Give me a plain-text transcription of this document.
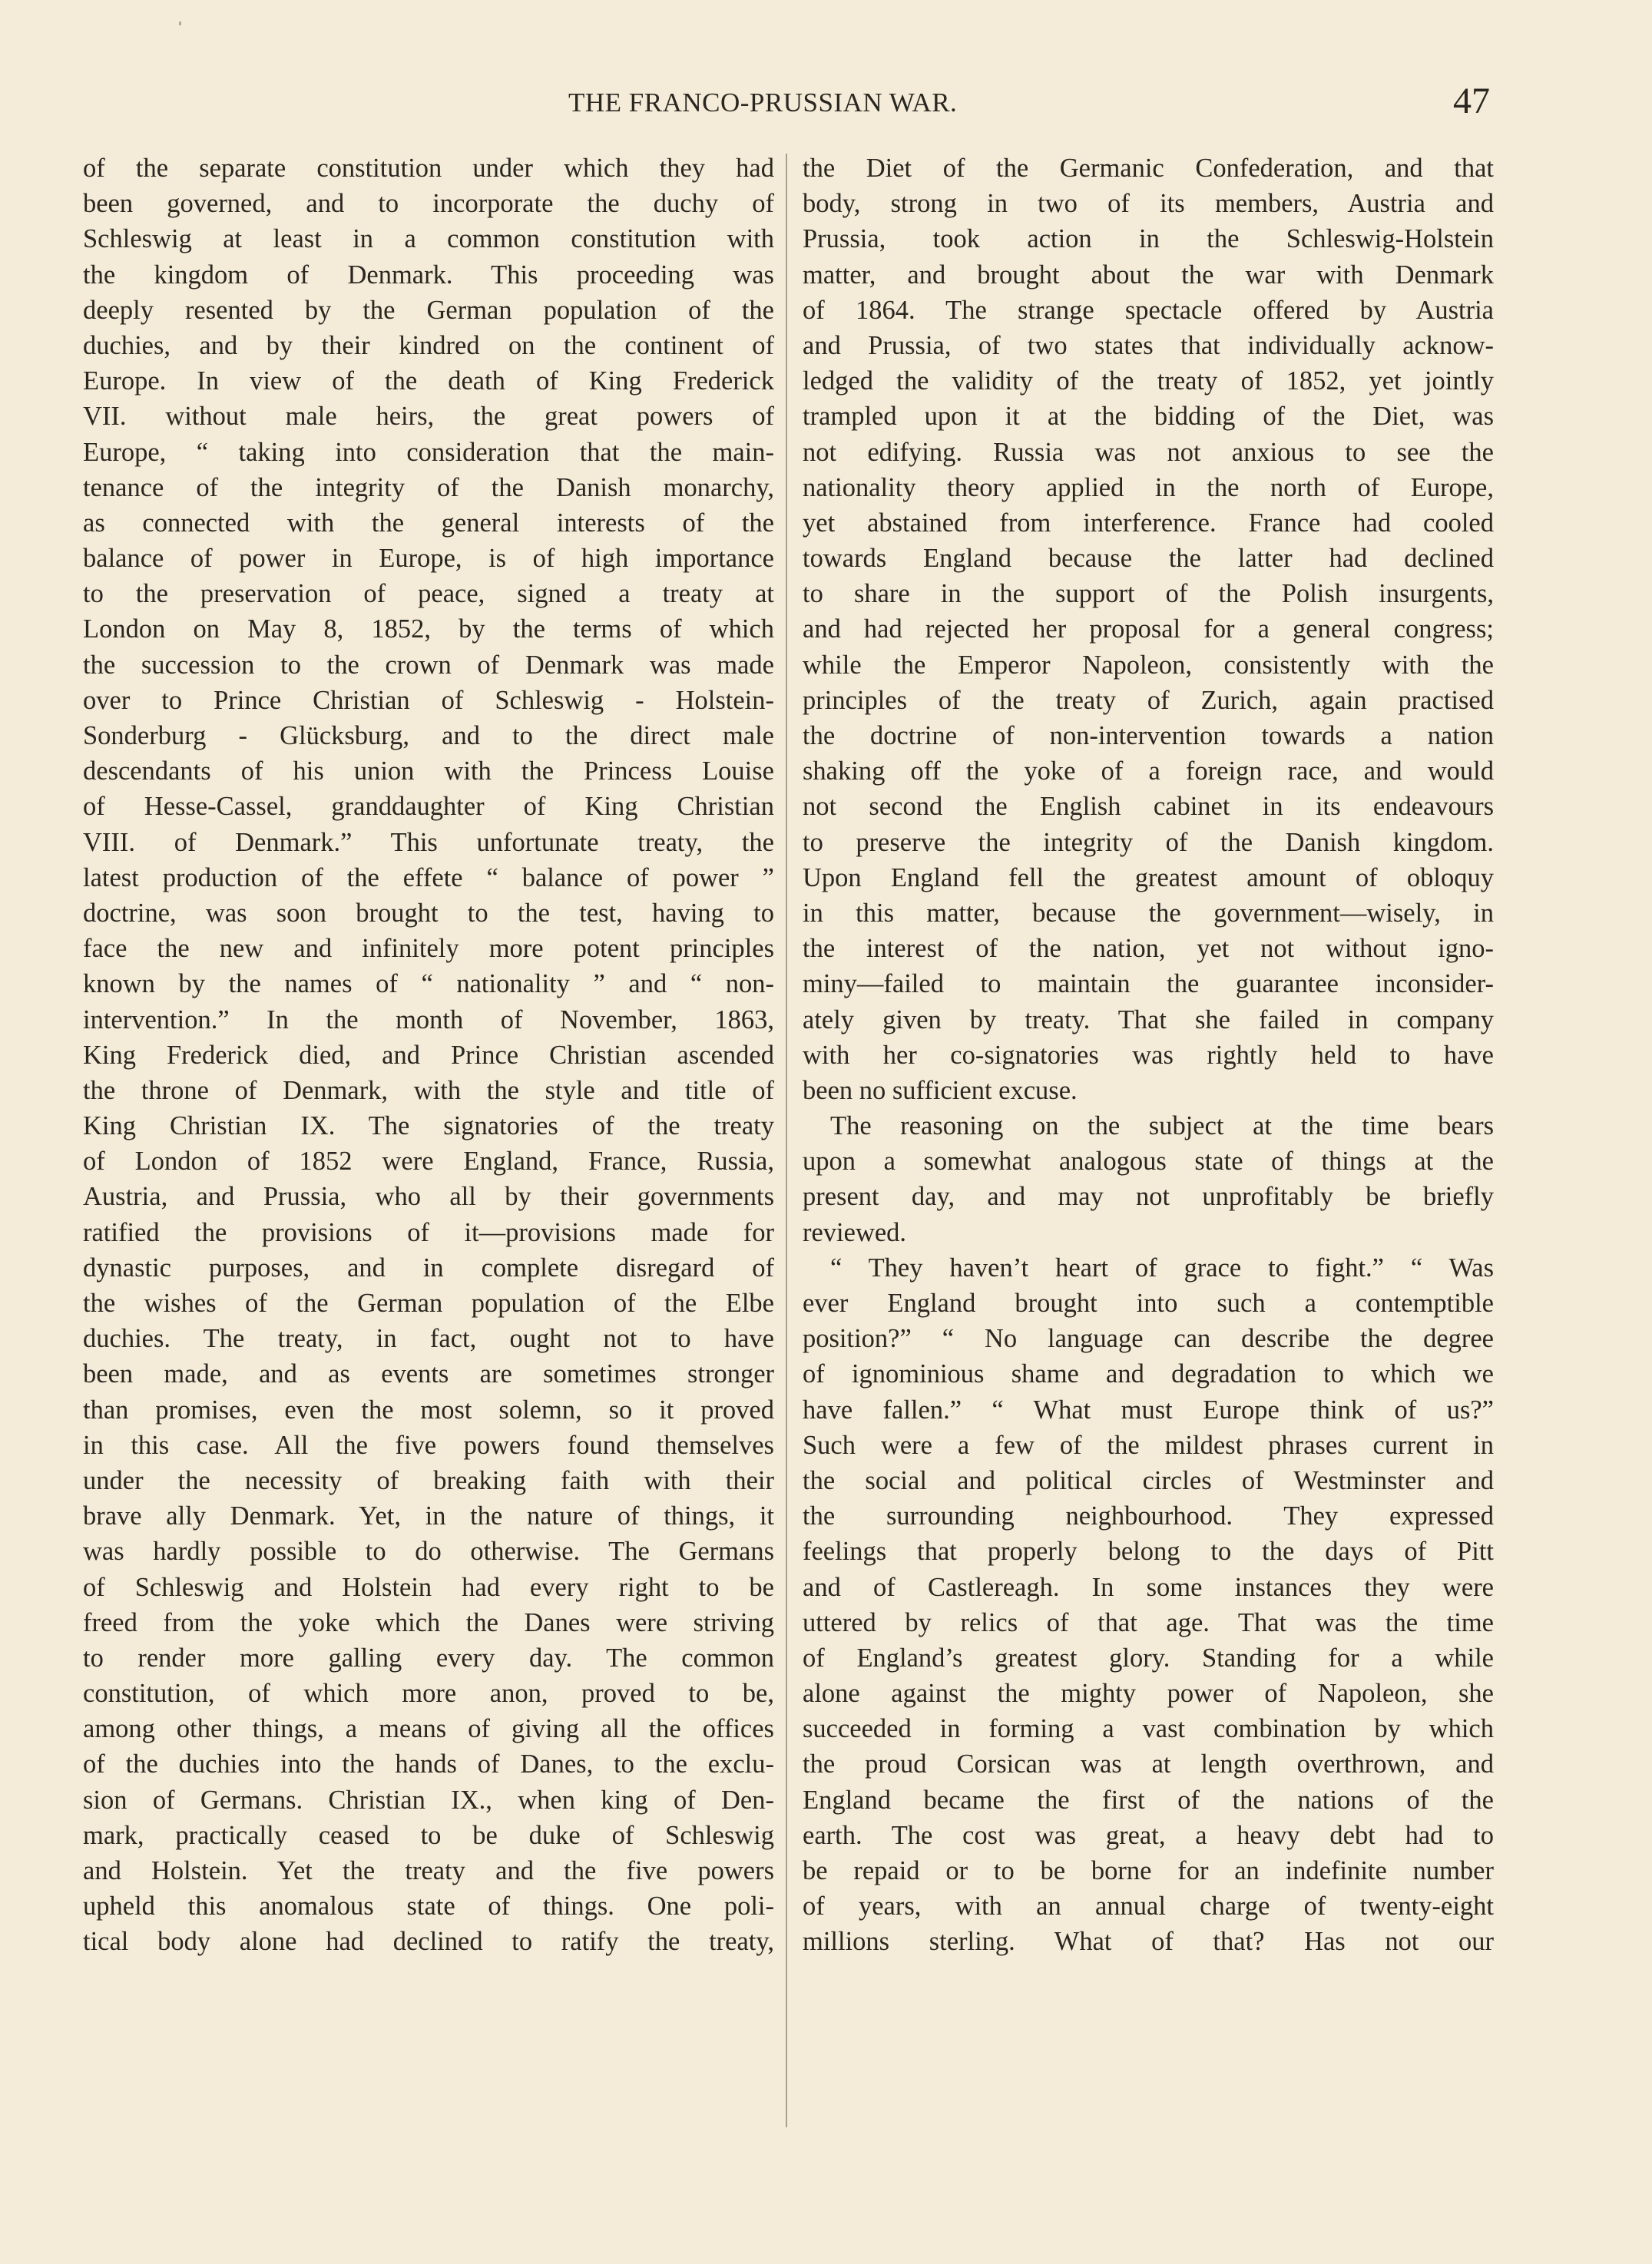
THE FRANCO-PRUSSIAN WAR.	47
of the separate constitution under which they had
been governed, and to incorporate the duchy of
Schleswig at least in a common constitution with
the kingdom of Denmark. This proceeding was
deeply resented by the German population of the
duchies, and by their kindred on the continent of
Europe. In view of the death of King Frederick
VII. without male heirs, the great powers of
Europe, “ taking into consideration that the main-
tenance of the integrity of the Danish monarchy,
as connected with the general interests of the
balance of power in Europe, is of high importance
to the preservation of peace, signed a treaty at
London on May 8, 1852, by the terms of which
the succession to the crown of Denmark was made
over to Prince Christian of Schleswig - Holstein-
Sonderburg - Glücksburg, and to the direct male
descendants of his union with the Princess Louise
of Hesse-Cassel, granddaughter of King Christian
VIII. of Denmark.” This unfortunate treaty, the
latest production of the effete “ balance of power ”
doctrine, was soon brought to the test, having to
face the new and infinitely more potent principles
known by the names of “ nationality ” and “ non-
intervention.” In the month of November, 1863,
King Frederick died, and Prince Christian ascended
the throne of Denmark, with the style and title of
King Christian IX. The signatories of the treaty
of London of 1852 were England, France, Russia,
Austria, and Prussia, who all by their governments
ratified the provisions of it—provisions made for
dynastic purposes, and in complete disregard of
the wishes of the German population of the Elbe
duchies. The treaty, in fact, ought not to have
been made, and as events are sometimes stronger
than promises, even the most solemn, so it proved
in this case. All the five powers found themselves
under the necessity of breaking faith with their
brave ally Denmark. Yet, in the nature of things, it
was hardly possible to do otherwise. The Germans
of Schleswig and Holstein had every right to be
freed from the yoke which the Danes were striving
to render more galling every day. The common
constitution, of which more anon, proved to be,
among other things, a means of giving all the offices
of the duchies into the hands of Danes, to the exclu-
sion of Germans. Christian IX., when king of Den-
mark, practically ceased to be duke of Schleswig
and Holstein. Yet the treaty and the five powers
upheld this anomalous state of things. One poli-
tical body alone had declined to ratify the treaty,
the Diet of the Germanic Confederation, and that
body, strong in two of its members, Austria and
Prussia, took action in the Schleswig-Holstein
matter, and brought about the war with Denmark
of 1864. The strange spectacle offered by Austria
and Prussia, of two states that individually acknow-
ledged the validity of the treaty of 1852, yet jointly
trampled upon it at the bidding of the Diet, was
not edifying. Russia was not anxious to see the
nationality theory applied in the north of Europe,
yet abstained from interference. France had cooled
towards England because the latter had declined
to share in the support of the Polish insurgents,
and had rejected her proposal for a general congress;
while the Emperor Napoleon, consistently with the
principles of the treaty of Zurich, again practised
the doctrine of non-intervention towards a nation
shaking off the yoke of a foreign race, and would
not second the English cabinet in its endeavours
to preserve the integrity of the Danish kingdom.
Upon England fell the greatest amount of obloquy
in this matter, because the government—wisely, in
the interest of the nation, yet not without igno-
miny—failed to maintain the guarantee inconsider-
ately given by treaty. That she failed in company
with her co-signatories was rightly held to have
been no sufficient excuse.
The reasoning on the subject at the time bears
upon a somewhat analogous state of things at the
present day, and may not unprofitably be briefly
reviewed.
“ They haven’t heart of grace to fight.” “ Was
ever England brought into such a contemptible
position?” “ No language can describe the degree
of ignominious shame and degradation to which we
have fallen.” “ What must Europe think of us?”
Such were a few of the mildest phrases current in
the social and political circles of Westminster and
the surrounding neighbourhood. They expressed
feelings that properly belong to the days of Pitt
and of Castlereagh. In some instances they were
uttered by relics of that age. That was the time
of England’s greatest glory. Standing for a while
alone against the mighty power of Napoleon, she
succeeded in forming a vast combination by which
the proud Corsican was at length overthrown, and
England became the first of the nations of the
earth. The cost was great, a heavy debt had to
be repaid or to be borne for an indefinite number
of years, with an annual charge of twenty-eight
millions sterling. What of that? Has not our
